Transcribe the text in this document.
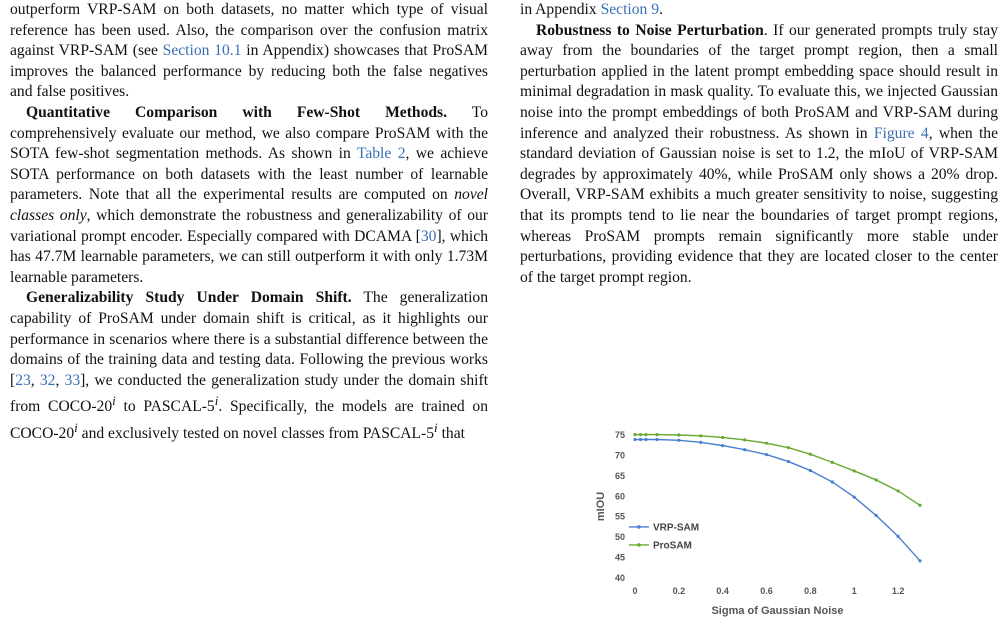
outperform VRP-SAM on both datasets, no matter which type of visual reference has been used. Also, the comparison over the confusion matrix against VRP-SAM (see Section 10.1 in Appendix) showcases that ProSAM improves the balanced performance by reducing both the false negatives and false positives.

Quantitative Comparison with Few-Shot Methods. To comprehensively evaluate our method, we also compare ProSAM with the SOTA few-shot segmentation methods. As shown in Table 2, we achieve SOTA performance on both datasets with the least number of learnable parameters. Note that all the experimental results are computed on novel classes only, which demonstrate the robustness and generalizability of our variational prompt encoder. Especially compared with DCAMA [30], which has 47.7M learnable parameters, we can still outperform it with only 1.73M learnable parameters.

Generalizability Study Under Domain Shift. The generalization capability of ProSAM under domain shift is critical, as it highlights our performance in scenarios where there is a substantial difference between the domains of the training data and testing data. Following the previous works [23, 32, 33], we conducted the generalization study under the domain shift from COCO-20$^i$ to PASCAL-5$^i$. Specifically, the models are trained on COCO-20$^i$ and exclusively tested on novel classes from PASCAL-5$^i$ that

in Appendix Section 9.

Robustness to Noise Perturbation. If our generated prompts truly stay away from the boundaries of the target prompt region, then a small perturbation applied in the latent prompt embedding space should result in minimal degradation in mask quality. To evaluate this, we injected Gaussian noise into the prompt embeddings of both ProSAM and VRP-SAM during inference and analyzed their robustness. As shown in Figure 4, when the standard deviation of Gaussian noise is set to 1.2, the mIoU of VRP-SAM degrades by approximately 40%, while ProSAM only shows a 20% drop. Overall, VRP-SAM exhibits a much greater sensitivity to noise, suggesting that its prompts tend to lie near the boundaries of target prompt regions, whereas ProSAM prompts remain significantly more stable under perturbations, providing evidence that they are located closer to the center of the target prompt region.

40
45
50
55
60
65
70
75
0	0.2	0.4	0.6	0.8	1	1.2
mIOU
Sigma of Gaussian Noise
VRP-SAM
ProSAM
